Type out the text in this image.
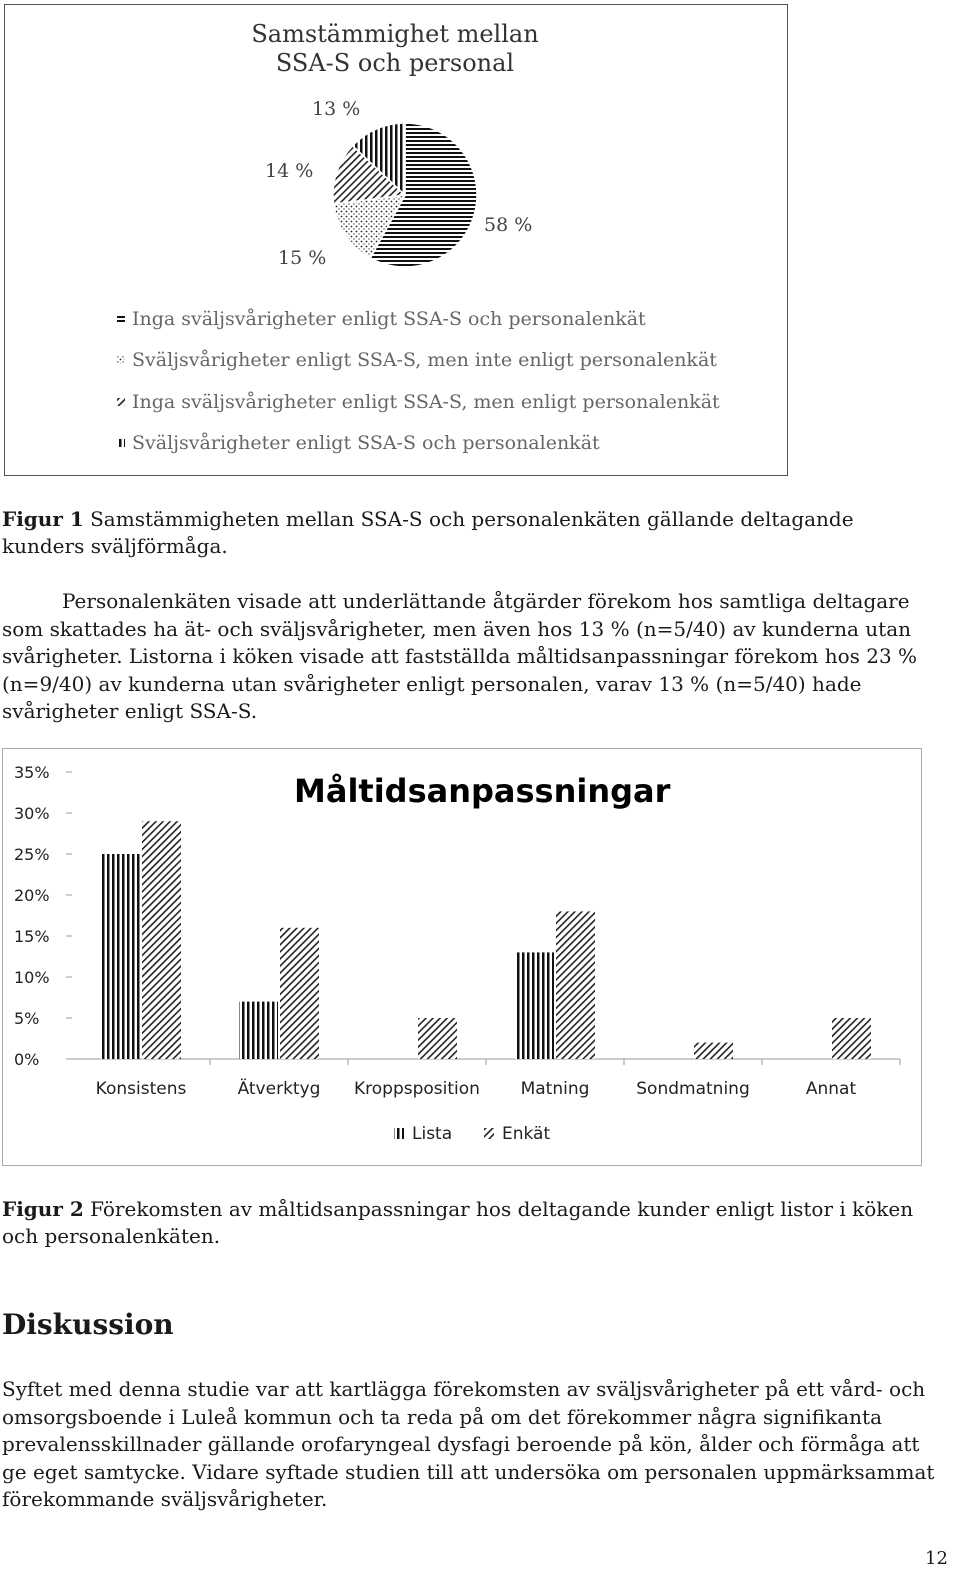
Samstämmighet mellan
SSA-S och personal
13 %
14 %
15 %
58 %
Inga sväljsvårigheter enligt SSA-S och personalenkät
Sväljsvårigheter enligt SSA-S, men inte enligt personalenkät
Inga sväljsvårigheter enligt SSA-S, men enligt personalenkät
Sväljsvårigheter enligt SSA-S och personalenkät
Figur 1 Samstämmigheten mellan SSA-S och personalenkäten gällande deltagande kunders sväljförmåga.
Personalenkäten visade att underlättande åtgärder förekom hos samtliga deltagare som skattades ha ät- och sväljsvårigheter, men även hos 13 % (n=5/40) av kunderna utan svårigheter. Listorna i köken visade att fastställda måltidsanpassningar förekom hos 23 % (n=9/40) av kunderna utan svårigheter enligt personalen, varav 13 % (n=5/40) hade svårigheter enligt SSA-S.
Måltidsanpassningar
0%
5%
10%
15%
20%
25%
30%
35%
Konsistens	Ätverktyg Kroppsposition Matning	Sondmatning	Annat
Lista	Enkät
Figur 2 Förekomsten av måltidsanpassningar hos deltagande kunder enligt listor i köken och personalenkäten.
Diskussion
Syftet med denna studie var att kartlägga förekomsten av sväljsvårigheter på ett vård- och omsorgsboende i Luleå kommun och ta reda på om det förekommer några signifikanta prevalensskillnader gällande orofaryngeal dysfagi beroende på kön, ålder och förmåga att ge eget samtycke. Vidare syftade studien till att undersöka om personalen uppmärksammat förekommande sväljsvårigheter.
12
